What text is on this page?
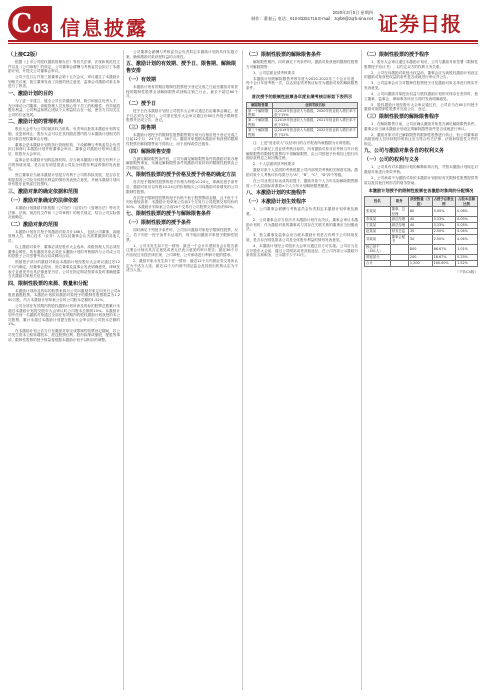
C 03 信息披露
2020年3月5日 星期四
制作：董春云 电话：010-83251716 E-mail：zqrb9@zqrb.sina.net 证券日报
（上接C2版）
根据《上市公司股权激励管理办法》等有关法律、法规和规范性文件以及《公司章程》的规定，公司董事会薪酬与考核委员会拟订了本激励计划，并提交公司董事会审议。
公司于近日召开第三届董事会第十五次会议，审议通过了本激励计划相关议案，独立董事发表了同意的独立意见，监事会对激励对象名单进行了核查。
一、激励计划的目的
为了进一步建立、健全公司长效激励机制，吸引和留住优秀人才，充分调动公司董事、高级管理人员及核心骨干员工的积极性，有效地将股东利益、公司利益和核心团队个人利益结合在一起，使各方共同关注公司的长远发展。
二、激励计划的管理机构
股东大会作为公司的最高权力机构，负责审议批准本激励计划的实施、变更和终止。股东大会可以在其权限范围内将与本激励计划相关的部分事宜授权董事会办理。
董事会是本激励计划的执行管理机构，下设薪酬与考核委员会负责拟订和修订本激励计划并报董事会审议，董事会对激励计划审议通过后，报股东大会审议。
监事会是本激励计划的监督机构，应当就本激励计划是否有利于公司的持续发展，是否存在明显损害公司及全体股东利益的情形发表意见。
独立董事应当就本激励计划是否有利于公司的持续发展，是否存在明显损害公司及全体股东利益的情形发表独立意见，并就本激励计划向所有股东征集委托投票权。
三、激励对象的确定依据和范围
（一）激励对象确定的法律依据
本激励计划激励对象根据《公司法》《证券法》《管理办法》等有关法律、法规、规范性文件和《公司章程》的相关规定，结合公司实际情况而确定。
（二）激励对象的范围
本激励计划首次授予的激励对象共计186人，包括公司董事、高级管理人员、核心技术（业务）人员以及董事会认为需要激励的其他人员。
以上激励对象中，董事必须经股东大会选举，高级管理人员必须经董事会聘任。所有激励对象必须在本激励计划的考核期内与公司或公司的控股子公司签署劳动合同或聘用合同。
预留授予部分的激励对象由本激励计划经股东大会审议通过后12个月内确定，经董事会提出、独立董事及监事会发表明确意见、律师发表专业意见并出具法律意见书后，公司在指定网站按要求及时准确披露当次激励对象相关信息。
四、限制性股票的来源、数量和分配
本激励计划涉及的标的股票来源为公司向激励对象定向发行公司A股普通股股票。本激励计划拟向激励对象授予的限制性股票数量为1,200万股，约占本激励计划草案公告时公司股本总额的1.52%。
公司全部在有效期内的股权激励计划所涉及的标的股票总数累计未超过本激励计划提交股东大会审议时公司股本总额的10%。本激励计划中任何一名激励对象通过全部在有效期内的股权激励计划获授的本公司股票，累计未超过本激励计划提交股东大会审议时公司股本总额的1%。
在本激励计划公告当日至激励对象完成限制性股票登记期间，若公司发生资本公积转增股本、派送股票红利、股份拆细或缩股、配股等事项，限制性股票的授予数量将根据本激励计划予以相应的调整。
公司董事会薪酬与考核委员会负责拟定本激励计划的具体实施方案，确保激励对象获授权益的合规性。
五、激励计划的有效期、授予日、限售期、解除限售安排
（一）有效期
本激励计划有效期自限制性股票授予登记完成之日起至激励对象获授的限制性股票全部解除限售或回购注销之日止，最长不超过60个月。
（二）授予日
授予日在本激励计划经公司股东大会审议通过后由董事会确定，授予日必须为交易日。公司需在股东大会审议通过后60日内授予限制性股票并完成公告、登记。
（三）限售期
本激励计划授予的限制性股票限售期分别为自相应授予登记完成之日起12个月、24个月、36个月。激励对象根据本激励计划获授的限制性股票在解除限售前不得转让、用于担保或偿还债务。
（四）解除限售安排
在满足解除限售条件后，公司为满足解除限售条件的激励对象办理解除限售事宜，未满足解除限售条件的激励对象持有的限制性股票由公司回购注销。
六、限制性股票的授予价格及授予价格的确定方法
首次授予限制性股票的授予价格为每股10.24元，即满足授予条件后，激励对象可以每股10.24元的价格购买公司向激励对象增发的公司限制性股票。
首次授予限制性股票的授予价格不低于股票票面金额，且不低于下列价格较高者：本激励计划草案公告前1个交易日公司股票交易均价的50%；本激励计划草案公告前20个交易日公司股票交易均价的50%。
七、限制性股票的授予与解除限售条件
（一）限制性股票的授予条件
同时满足下列授予条件时，公司应向激励对象授予限制性股票，反之，若下列任一授予条件未达成的，则不能向激励对象授予限制性股票。
1、公司未发生如下任一情形：最近一个会计年度财务会计报告被注册会计师出具否定意见或者无法表示意见的审计报告；最近36个月内出现过未按法律法规、公司章程、公开承诺进行利润分配的情形。
2、激励对象未发生如下任一情形：最近12个月内被证券交易所认定为不适当人选；最近12个月内被中国证监会及其派出机构认定为不适当人选。
（二）限制性股票的解除限售条件
解除限售期内，同时满足下列条件时，激励对象获授的限制性股票方可解除限售：
1、公司层面业绩考核要求
本激励计划的解除限售考核年度为2020-2022年三个会计年度，每个会计年度考核一次，以达到业绩考核目标作为激励对象的解除限售条件。
首次授予的限制性股票各年度业绩考核目标如下表所示
解除限售期	业绩考核目标
第一个解除限售期	以2019年营业收入为基数，2020年营业收入增长率不低于15%
第二个解除限售期	以2019年营业收入为基数，2021年营业收入增长率不低于32%
第三个解除限售期	以2019年营业收入为基数，2022年营业收入增长率不低于52%
注：上述"营业收入"以经审计的合并报表所载数据为计算依据。
公司未满足上述业绩考核目标的，所有激励对象对应考核当年计划解除限售的限制性股票均不得解除限售，由公司按授予价格加上银行同期存款利息之和回购注销。
2、个人层面绩效考核要求
激励对象个人层面的考核根据公司内部绩效考核相关制度实施。激励对象个人考核评价结果分为"A"、"B"、"C"、"D"四个等级。
在公司业绩目标达成的前提下，激励对象个人当年实际解除限售额度＝个人层面标准系数×个人当年计划解除限售额度。
八、本激励计划的实施程序
（一）本激励计划生效程序
1、公司董事会薪酬与考核委员会负责拟定本激励计划草案及摘要。
2、公司董事会应当依法对本激励计划作出决议。董事会审议本激励计划时，作为激励对象的董事或与其存在关联关系的董事应当回避表决。
3、独立董事及监事会应当就本激励计划是否有利于公司持续发展，是否存在明显损害公司及全体股东利益的情形发表意见。
4、本激励计划经公司股东大会审议通过后方可实施。公司应当在召开股东大会前，通过公司网站或者其他途径，在公司内部公示激励对象的姓名和职务，公示期不少于10天。
（二）限制性股票的授予程序
1、股东大会审议通过本激励计划后，公司与激励对象签署《限制性股票授予协议书》，以约定双方的权利义务关系。
2、公司在向激励对象授出权益前，董事会应当就股权激励计划设定的激励对象获授权益的条件是否成就进行审议并公告。
3、公司监事会应当对限制性股票授予日及激励对象名单进行核实并发表意见。
4、公司向激励对象授出权益与股权激励计划的安排存在差异时，独立董事、监事会、律师事务所应当同时发表明确意见。
5、股权激励计划经股东大会审议通过后，公司应当在60日内授予激励对象限制性股票并完成公告、登记。
（三）限制性股票的解除限售程序
1、在解除限售日前，公司应确认激励对象是否满足解除限售条件。董事会应当就本激励计划设定的解除限售条件是否成就进行审议。
2、激励对象可对已解除限售的限制性股票进行转让，但公司董事和高级管理人员所持股份的转让应当符合有关法律、法规和规范性文件的规定。
九、公司与激励对象各自的权利义务
（一）公司的权利与义务
1、公司具有对本激励计划的解释和执行权，并按本激励计划规定对激励对象进行绩效考核。
2、公司承诺不为激励对象依本激励计划获取有关限制性股票提供贷款以及其他任何形式的财务资助。
本激励计划授予的限制性股票在各激励对象间的分配情况
姓名	职务	获授数量（万股）	占授予总数比例	占股本总额比例
张某某	董事、总经理	60	5.00%	0.08%
李某某	副总经理	40	3.33%	0.05%
王某某	副总经理	40	3.33%	0.05%
赵某某	财务总监	30	2.50%	0.04%
刘某某	董事会秘书	30	2.50%	0.04%
核心骨干（181人）		800	66.67%	1.01%
预留部分		200	16.67%	0.25%
合计		1,200	100.00%	1.52%
（下转C4版）
